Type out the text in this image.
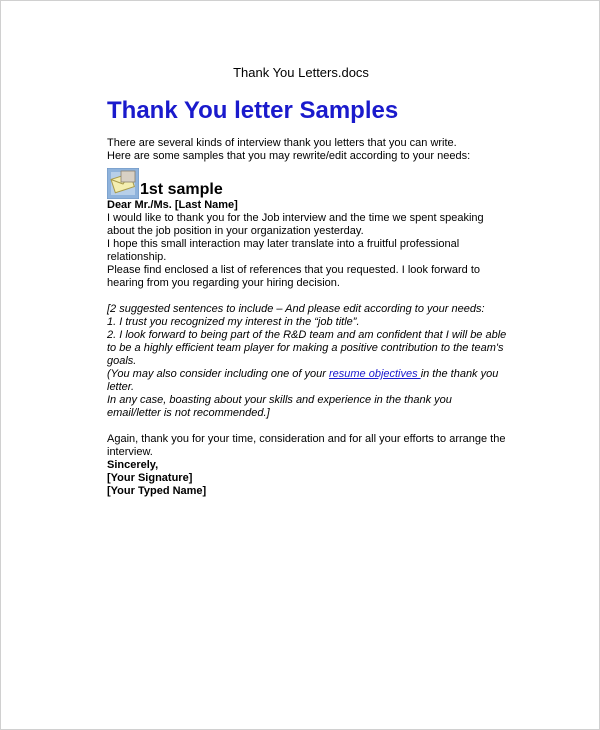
Thank You Letters.docs
Thank You letter Samples

There are several kinds of interview thank you letters that you can write.

Here are some samples that you may rewrite/edit according to your needs:

1st sample

Dear Mr./Ms. [Last Name]

I would like to thank you for the Job interview and the time we spent speaking about the job position in your organization yesterday.

I hope this small interaction may later translate into a fruitful professional relationship.

Please find enclosed a list of references that you requested. I look forward to hearing from you regarding your hiring decision.

[2 suggested sentences to include – And please edit according to your needs:

1. I trust you recognized my interest in the “job title”.

2. I look forward to being part of the R&D team and am confident that I will be able to be a highly efficient team player for making a positive contribution to the team's goals.

(You may also consider including one of your resume objectives in the thank you letter.

In any case, boasting about your skills and experience in the thank you email/letter is not recommended.]

Again, thank you for your time, consideration and for all your efforts to arrange the interview.

Sincerely,

[Your Signature]

[Your Typed Name]
